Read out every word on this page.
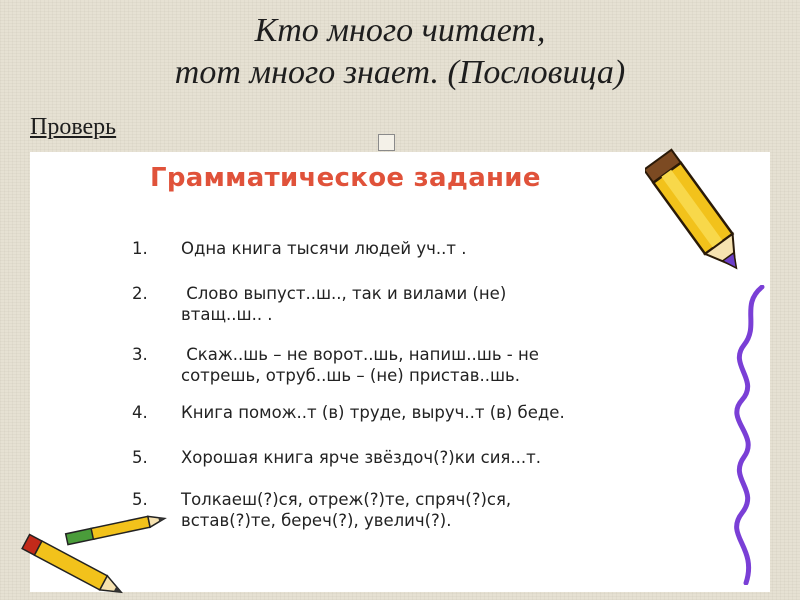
Кто много читает,
тот много знает. (Пословица)
Проверь
Грамматическое задание
1.	Одна книга тысячи людей уч..т .
2.	Слово выпуст..ш.., так и вилами (не)
втащ..ш.. .
3.	Скаж..шь – не ворот..шь, напиш..шь - не
сотрешь, отруб..шь – (не) пристав..шь.
4.	Книга помож..т (в) труде, выруч..т (в) беде.
5.	Хорошая книга ярче звёздоч(?)ки сия...т.
5.	Толкаеш(?)ся, отреж(?)те, спряч(?)ся,
встав(?)те, береч(?), увелич(?).
